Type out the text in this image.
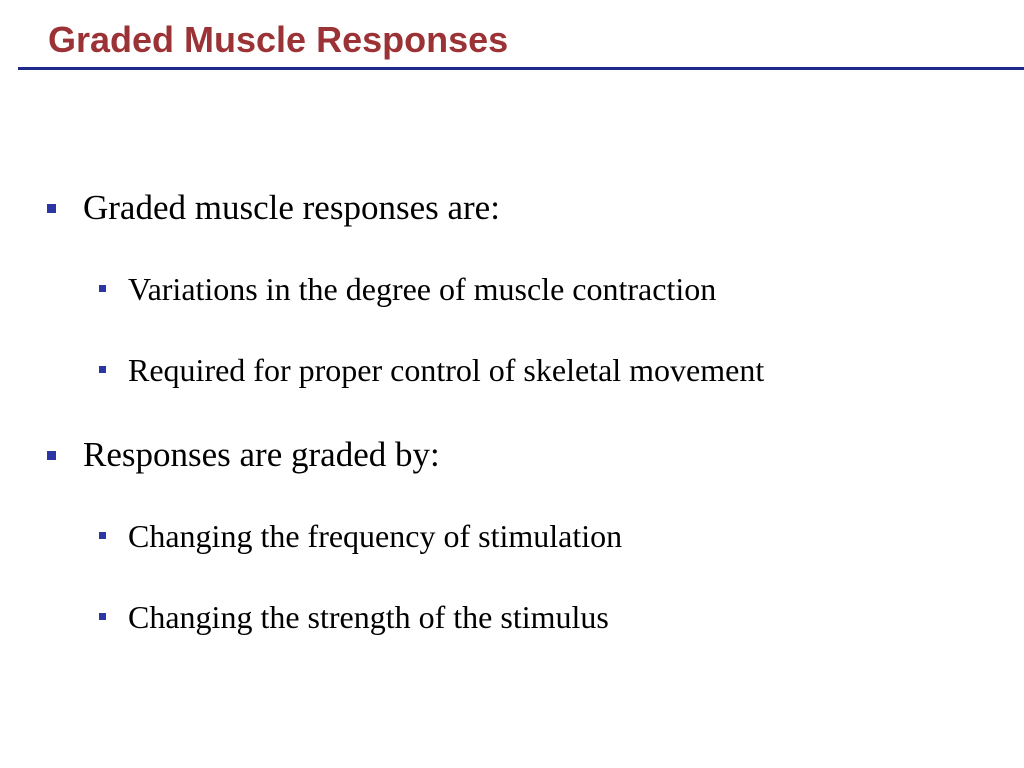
Graded Muscle Responses
Graded muscle responses are:
Variations in the degree of muscle contraction
Required for proper control of skeletal movement
Responses are graded by:
Changing the frequency of stimulation
Changing the strength of the stimulus
